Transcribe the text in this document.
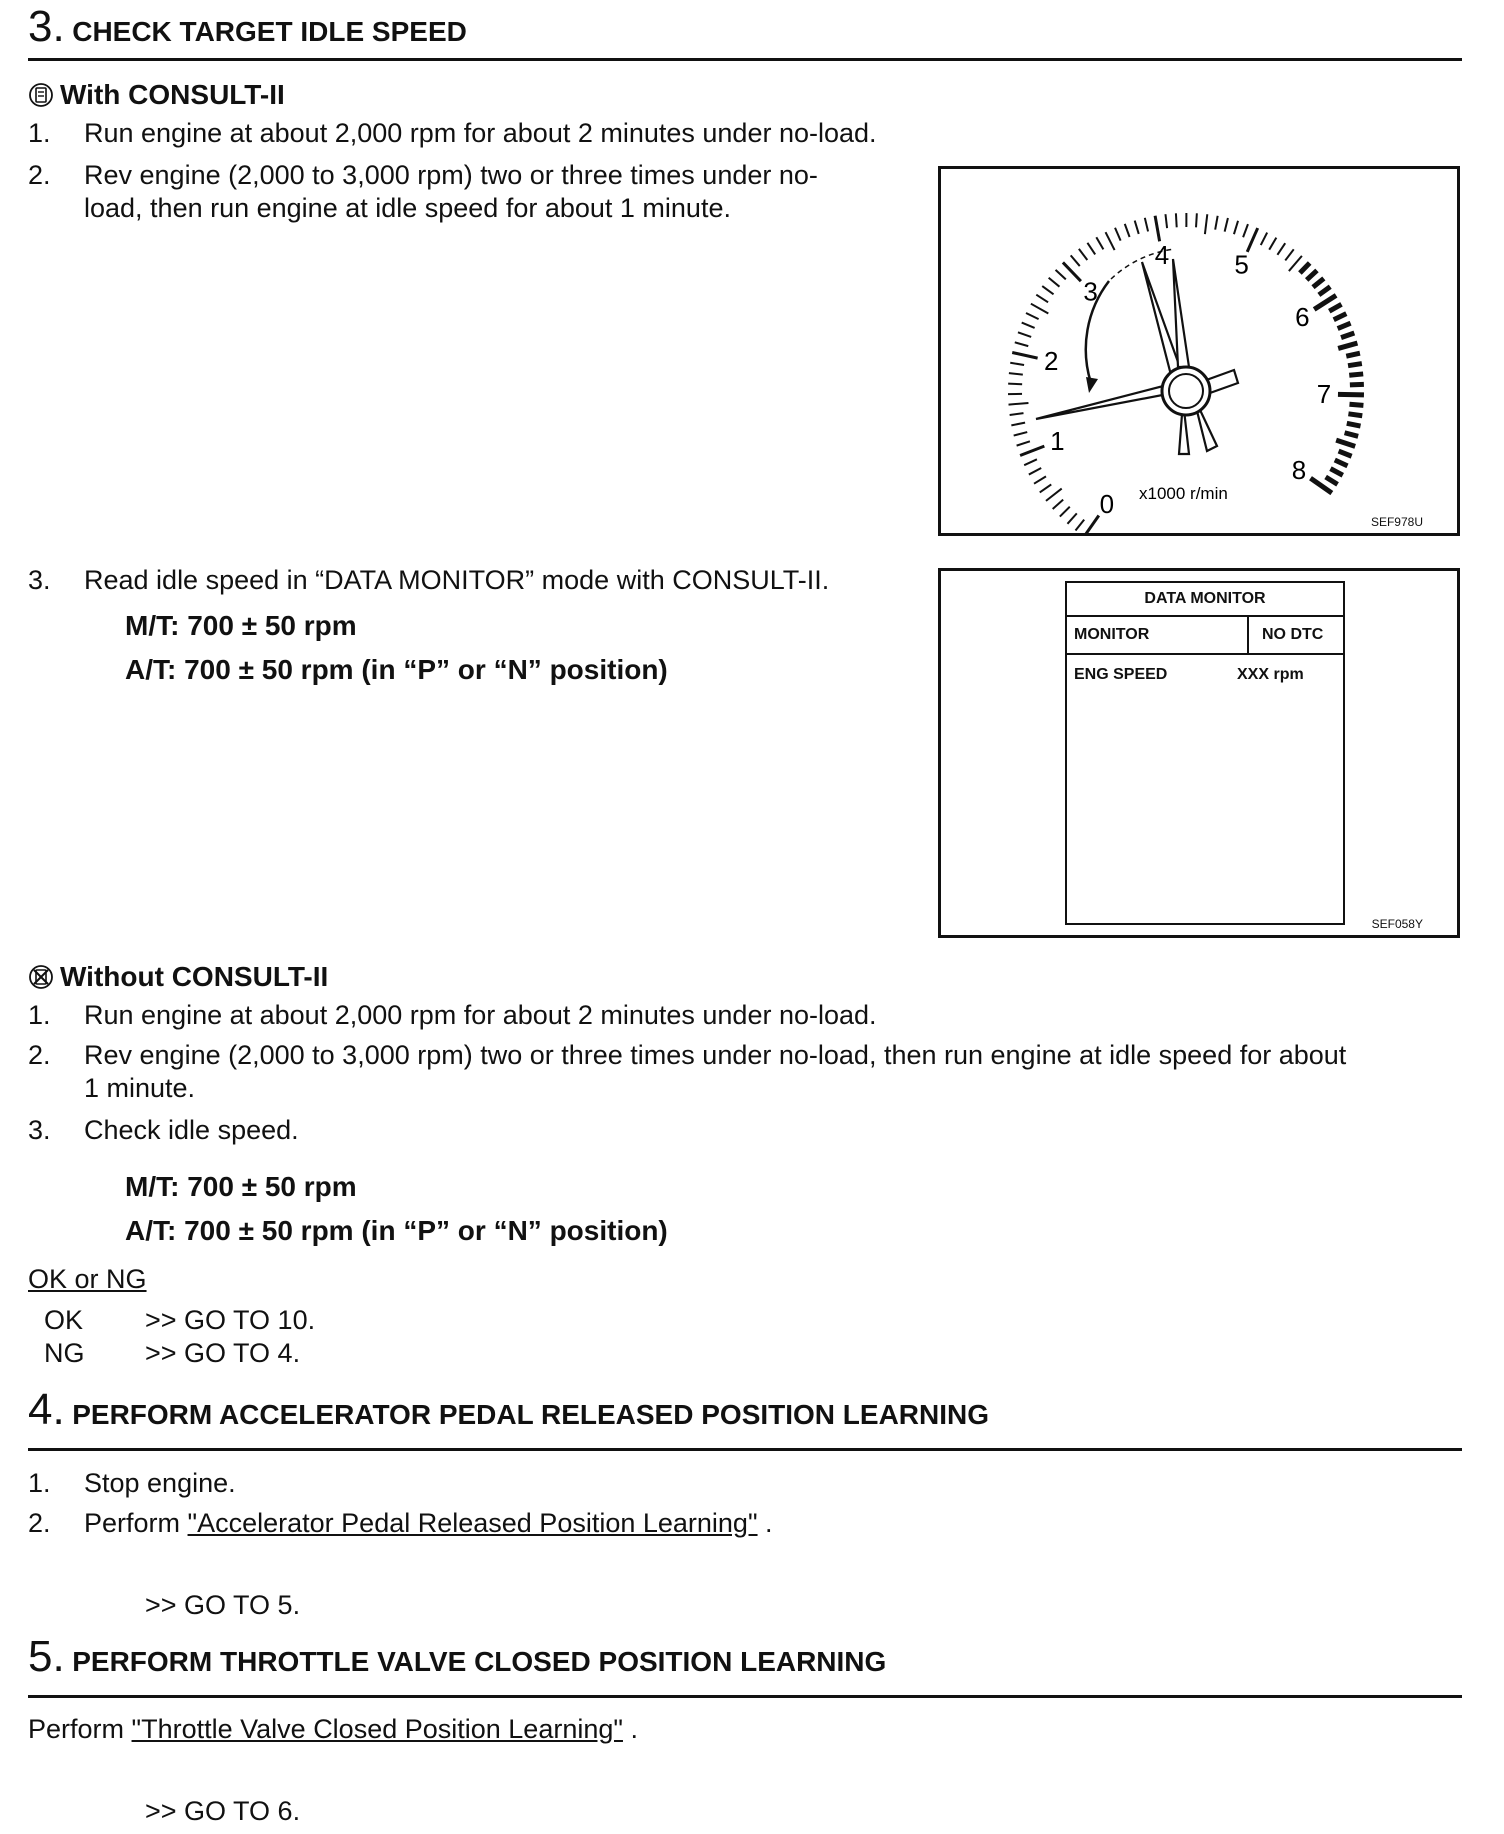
3. CHECK TARGET IDLE SPEED
With CONSULT-II
1. Run engine at about 2,000 rpm for about 2 minutes under no-load.
2. Rev engine (2,000 to 3,000 rpm) two or three times under no-
load, then run engine at idle speed for about 1 minute.
0
1
2
3
4	5
6
7
8
x1000 r/min
SEF978U
3. Read idle speed in “DATA MONITOR” mode with CONSULT-II.
M/T: 700 ± 50 rpm
A/T: 700 ± 50 rpm (in “P” or “N” position)
DATA MONITOR
MONITOR	NO DTC
ENG SPEED	XXX rpm
SEF058Y
Without CONSULT-II
1. Run engine at about 2,000 rpm for about 2 minutes under no-load.
2. Rev engine (2,000 to 3,000 rpm) two or three times under no-load, then run engine at idle speed for about
1 minute.
3. Check idle speed.
M/T: 700 ± 50 rpm
A/T: 700 ± 50 rpm (in “P” or “N” position)
OK or NG
OK >> GO TO 10.
NG >> GO TO 4.
4. PERFORM ACCELERATOR PEDAL RELEASED POSITION LEARNING
1. Stop engine.
2. Perform "Accelerator Pedal Released Position Learning" .
>> GO TO 5.
5. PERFORM THROTTLE VALVE CLOSED POSITION LEARNING
Perform "Throttle Valve Closed Position Learning" .
>> GO TO 6.
